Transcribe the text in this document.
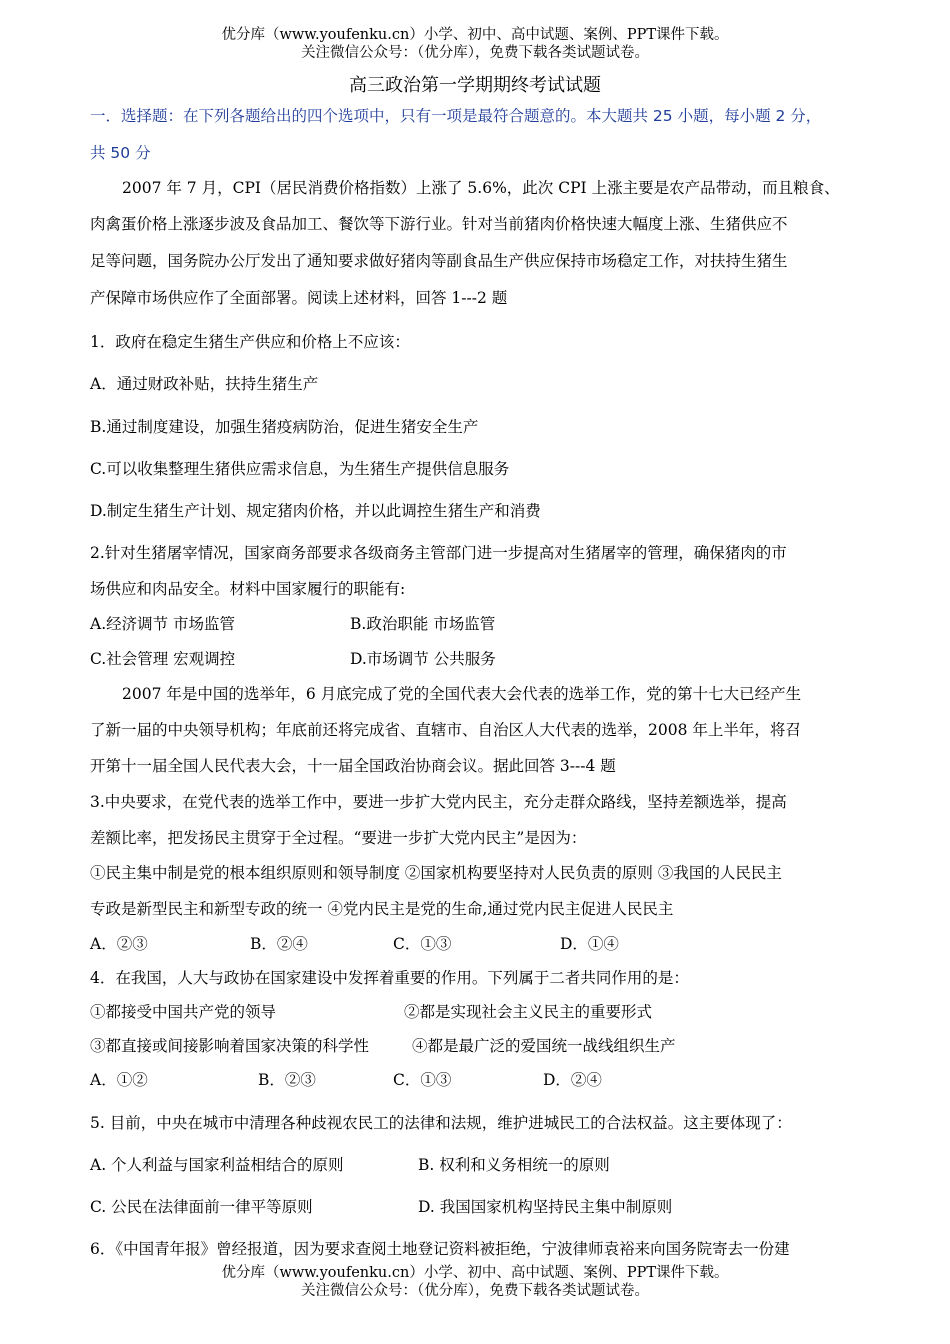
优分库（www.youfenku.cn）小学、初中、高中试题、案例、PPT课件下载。
关注微信公众号：（优分库），免费下载各类试题试卷。
高三政治第一学期期终考试试题
一．选择题：在下列各题给出的四个选项中，只有一项是最符合题意的。本大题共 25 小题，每小题 2 分，
共 50 分
2007 年 7 月，CPI（居民消费价格指数）上涨了 5.6%，此次 CPI 上涨主要是农产品带动，而且粮食、
肉禽蛋价格上涨逐步波及食品加工、餐饮等下游行业。针对当前猪肉价格快速大幅度上涨、生猪供应不
足等问题，国务院办公厅发出了通知要求做好猪肉等副食品生产供应保持市场稳定工作，对扶持生猪生
产保障市场供应作了全面部署。阅读上述材料，回答 1---2 题
1．政府在稳定生猪生产供应和价格上不应该：
A．通过财政补贴，扶持生猪生产
B.通过制度建设，加强生猪疫病防治，促进生猪安全生产
C.可以收集整理生猪供应需求信息，为生猪生产提供信息服务
D.制定生猪生产计划、规定猪肉价格，并以此调控生猪生产和消费
2.针对生猪屠宰情况，国家商务部要求各级商务主管部门进一步提高对生猪屠宰的管理，确保猪肉的市
场供应和肉品安全。材料中国家履行的职能有:
A.经济调节 市场监管	B.政治职能 市场监管
C.社会管理 宏观调控	D.市场调节 公共服务
2007 年是中国的选举年，6 月底完成了党的全国代表大会代表的选举工作，党的第十七大已经产生
了新一届的中央领导机构；年底前还将完成省、直辖市、自治区人大代表的选举，2008 年上半年，将召
开第十一届全国人民代表大会，十一届全国政治协商会议。据此回答 3---4 题
3.中央要求，在党代表的选举工作中，要进一步扩大党内民主，充分走群众路线，坚持差额选举，提高
差额比率，把发扬民主贯穿于全过程。“要进一步扩大党内民主”是因为：
①民主集中制是党的根本组织原则和领导制度 ②国家机构要坚持对人民负责的原则 ③我国的人民民主
专政是新型民主和新型专政的统一 ④党内民主是党的生命,通过党内民主促进人民民主
A．②③	B．②④	C．①③	D．①④
4．在我国，人大与政协在国家建设中发挥着重要的作用。下列属于二者共同作用的是：
①都接受中国共产党的领导	②都是实现社会主义民主的重要形式
③都直接或间接影响着国家决策的科学性	④都是最广泛的爱国统一战线组织生产
A．①②	B．②③	C．①③	D．②④
5. 目前，中央在城市中清理各种歧视农民工的法律和法规，维护进城民工的合法权益。这主要体现了：
A. 个人利益与国家利益相结合的原则	B. 权利和义务相统一的原则
C. 公民在法律面前一律平等原则	D. 我国国家机构坚持民主集中制原则
6．《中国青年报》曾经报道，因为要求查阅土地登记资料被拒绝，宁波律师袁裕来向国务院寄去一份建
优分库（www.youfenku.cn）小学、初中、高中试题、案例、PPT课件下载。
关注微信公众号：（优分库），免费下载各类试题试卷。
